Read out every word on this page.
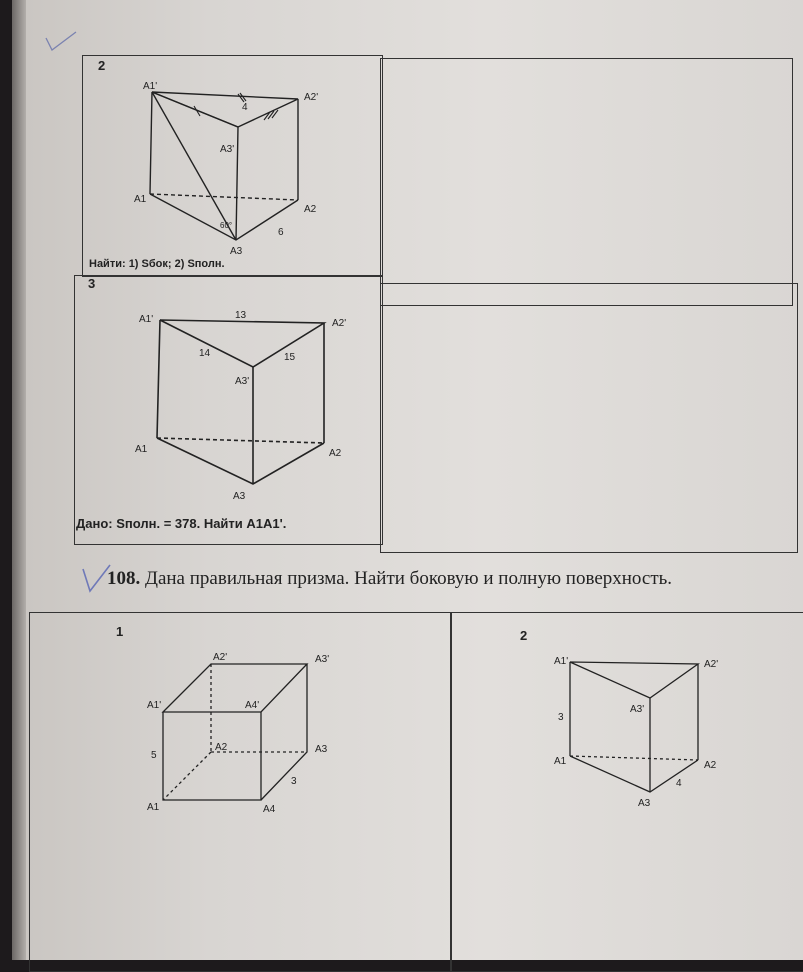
2
3
A1'
A2'
A3'
A1
A2
A3
6
4
60°
Найти: 1) Sбок; 2) Sполн.
A1'	A2'
A3'
A1	A2
A3
13
14	15
Дано: Sполн. = 378. Найти A1A1'.
108. Дана правильная призма. Найти боковую и полную поверхность.
1	2
A2'	A3'
A1'	A4'
A2	A3
A1	A4
5
3
A1'	A2'
A3'
A1	A2
A3
3
4
